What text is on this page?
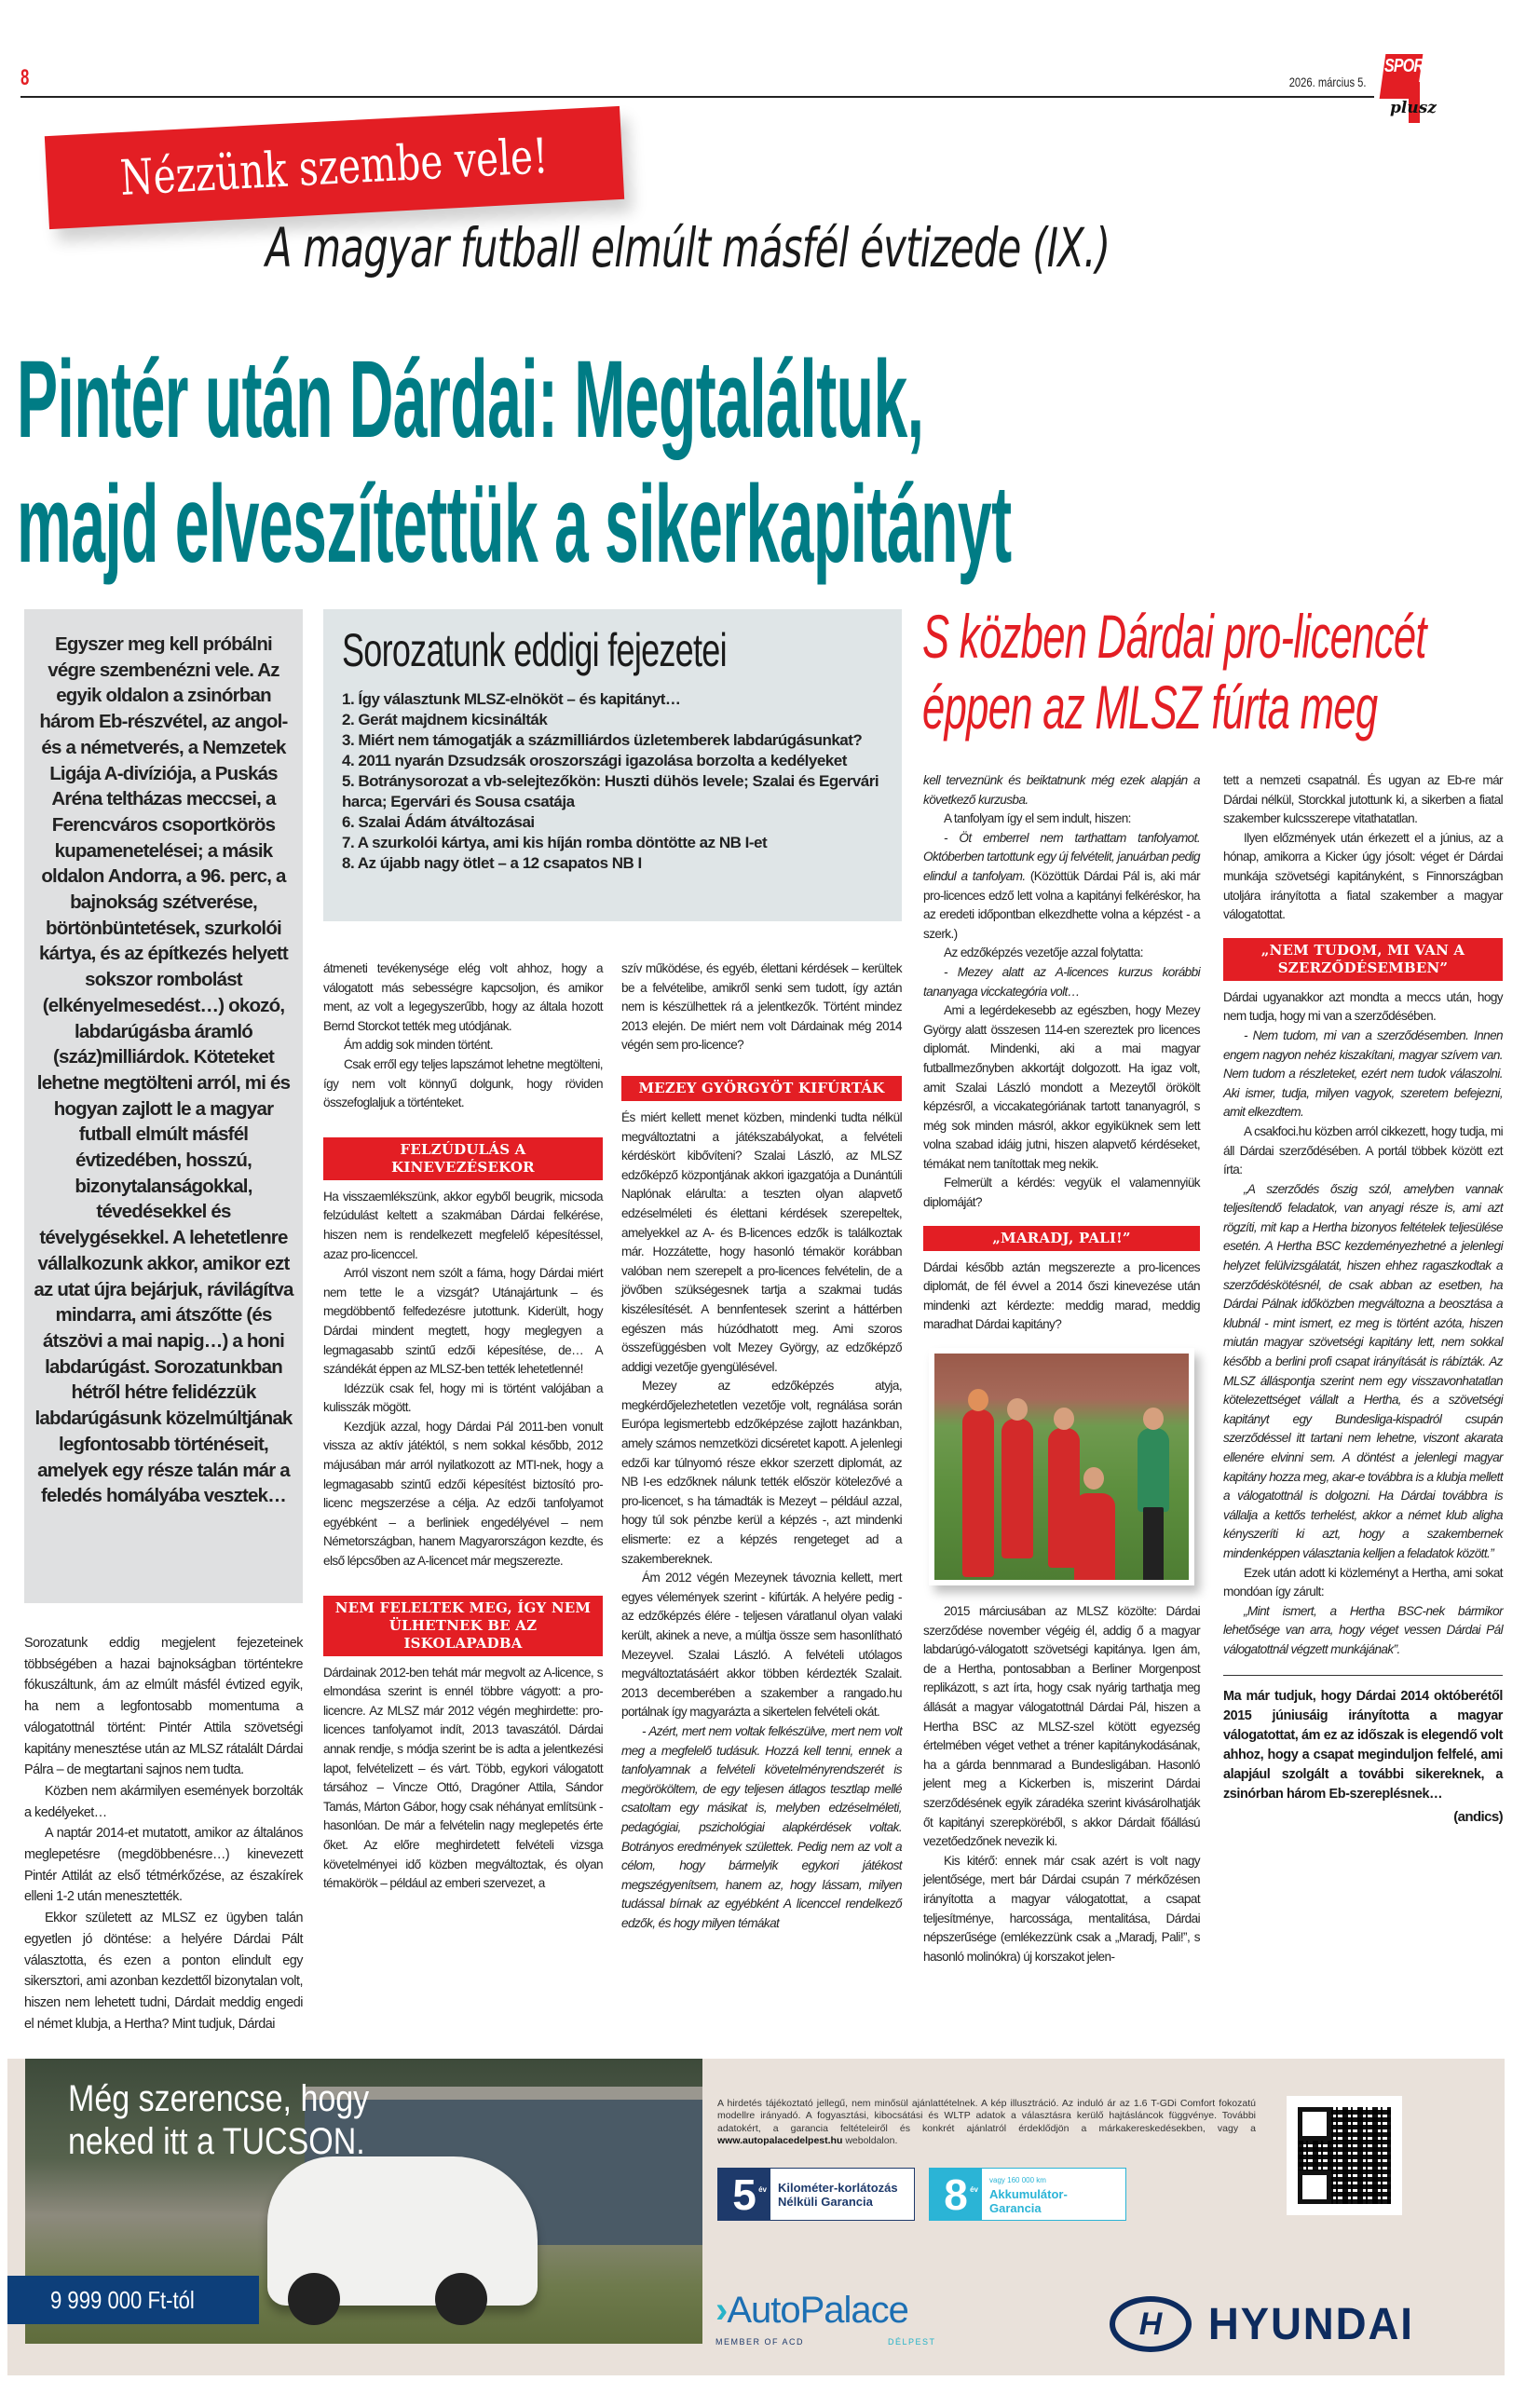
8	2026. március 5.
SPORT
plusz
Nézzünk szembe vele!
A magyar futball elmúlt másfél évtizede (IX.)
Pintér után Dárdai: Megtaláltuk,
majd elveszítettük a sikerkapitányt

Egyszer meg kell próbálni végre szembenézni vele. Az egyik oldalon a zsinórban három Eb-részvétel, az angol- és a németverés, a Nemzetek Ligája A-divíziója, a Puskás Aréna teltházas meccsei, a Ferencváros csoportkörös kupamenetelései; a másik oldalon Andorra, a 96. perc, a bajnokság szétverése, börtönbüntetések, szurkolói kártya, és az építkezés helyett sokszor rombolást (elkényelmesedést…) okozó, labdarúgásba áramló (száz)milliárdok. Köteteket lehetne megtölteni arról, mi és hogyan zajlott le a magyar futball elmúlt másfél évtizedében, hosszú, bizonytalanságokkal, tévedésekkel és tévelygésekkel. A lehetetlenre vállalkozunk akkor, amikor ezt az utat újra bejárjuk, rávilágítva mindarra, ami átszőtte (és átszövi a mai napig…) a honi labdarúgást. Sorozatunkban hétről hétre felidézzük labdarúgásunk közelmúltjának legfontosabb történéseit, amelyek egy része talán már a feledés homályába vesztek…

Sorozatunk eddig megjelent fejezeteinek többségében a hazai bajnokságban történtekre fókuszáltunk, ám az elmúlt másfél évtized egyik, ha nem a legfontosabb momentuma a válogatottnál történt: Pintér Attila szövetségi kapitány menesztése után az MLSZ rátalált Dárdai Pálra – de megtartani sajnos nem tudta.

Közben nem akármilyen események borzolták a kedélyeket…

A naptár 2014-et mutatott, amikor az általános meglepetésre (megdöbbenésre…) kinevezett Pintér Attilát az első tétmérkőzése, az északírek elleni 1-2 után menesztették.

Ekkor született az MLSZ ez ügyben talán egyetlen jó döntése: a helyére Dárdai Pált választotta, és ezen a ponton elindult egy sikersztori, ami azonban kezdettől bizonytalan volt, hiszen nem lehetett tudni, Dárdait meddig engedi el német klubja, a Hertha? Mint tudjuk, Dárdai

Sorozatunk eddigi fejezetei
1. Így választunk MLSZ-elnököt – és kapitányt…
2. Gerát majdnem kicsinálták
3. Miért nem támogatják a százmilliárdos üzletemberek labdarúgásunkat?
4. 2011 nyarán Dzsudzsák oroszországi igazolása borzolta a kedélyeket
5. Botránysorozat a vb-selejtezőkön: Huszti dühös levele; Szalai és Egervári harca; Egervári és Sousa csatája
6. Szalai Ádám átváltozásai
7. A szurkolói kártya, ami kis híján romba döntötte az NB I-et
8. Az újabb nagy ötlet – a 12 csapatos NB I

átmeneti tevékenysége elég volt ahhoz, hogy a válogatott más sebességre kapcsoljon, és amikor ment, az volt a legegyszerűbb, hogy az általa hozott Bernd Storckot tették meg utódjának.

Ám addig sok minden történt.

Csak erről egy teljes lapszámot lehetne megtölteni, így nem volt könnyű dolgunk, hogy röviden összefoglaljuk a történteket.

FELZÚDULÁS A KINEVEZÉSEKOR

Ha visszaemlékszünk, akkor egyből beugrik, micsoda felzúdulást keltett a szakmában Dárdai felkérése, hiszen nem is rendelkezett megfelelő képesítéssel, azaz pro-licenccel.

Arról viszont nem szólt a fáma, hogy Dárdai miért nem tette le a vizsgát? Utánajártunk – és megdöbbentő felfedezésre jutottunk. Kiderült, hogy Dárdai mindent megtett, hogy meglegyen a legmagasabb szintű edzői képesítése, de… A szándékát éppen az MLSZ-ben tették lehetetlenné!

Idézzük csak fel, hogy mi is történt valójában a kulisszák mögött.

Kezdjük azzal, hogy Dárdai Pál 2011-ben vonult vissza az aktív játéktól, s nem sokkal később, 2012 májusában már arról nyilatkozott az MTI-nek, hogy a legmagasabb szintű edzői képesítést biztosító pro-licenc megszerzése a célja. Az edzői tanfolyamot egyébként – a berliniek engedélyével – nem Németországban, hanem Magyarországon kezdte, és első lépcsőben az A-licencet már megszerezte.

NEM FELELTEK MEG, ÍGY NEM ÜLHETNEK BE AZ ISKOLAPADBA

Dárdainak 2012-ben tehát már megvolt az A-licence, s elmondása szerint is ennél többre vágyott: a pro-licencre. Az MLSZ már 2012 végén meghirdette: pro-licences tanfolyamot indít, 2013 tavaszától. Dárdai annak rendje, s módja szerint be is adta a jelentkezési lapot, felvételizett – és várt. Több, egykori válogatott társához – Vincze Ottó, Dragóner Attila, Sándor Tamás, Márton Gábor, hogy csak néhányat említsünk - hasonlóan. De már a felvételin nagy meglepetés érte őket. Az előre meghirdetett felvételi vizsga követelményei idő közben megváltoztak, és olyan témakörök – például az emberi szervezet, a

szív működése, és egyéb, élettani kérdések – kerültek be a felvételibe, amikről senki sem tudott, így aztán nem is készülhettek rá a jelentkezők. Történt mindez 2013 elején. De miért nem volt Dárdainak még 2014 végén sem pro-licence?

MEZEY GYÖRGYÖT KIFÚRTÁK

És miért kellett menet közben, mindenki tudta nélkül megváltoztatni a játékszabályokat, a felvételi kérdéskört kibővíteni? Szalai László, az MLSZ edzőképző központjának akkori igazgatója a Dunántúli Naplónak elárulta: a teszten olyan alapvető edzéselméleti és élettani kérdések szerepeltek, amelyekkel az A- és B-licences edzők is találkoztak már. Hozzátette, hogy hasonló témakör korábban valóban nem szerepelt a pro-licences felvételin, de a jövőben szükségesnek tartja a szakmai tudás kiszélesítését. A bennfentesek szerint a háttérben egészen más húzódhatott meg. Ami szoros összefüggésben volt Mezey György, az edzőképző addigi vezetője gyengülésével.

Mezey az edzőképzés atyja, megkérdőjelezhetetlen vezetője volt, regnálása során Európa legismertebb edzőképzése zajlott hazánkban, amely számos nemzetközi dicséretet kapott. A jelenlegi edzői kar túlnyomó része ekkor szerzett diplomát, az NB I-es edzőknek nálunk tették először kötelezővé a pro-licencet, s ha támadták is Mezeyt – például azzal, hogy túl sok pénzbe kerül a képzés -, azt mindenki elismerte: ez a képzés rengeteget ad a szakembereknek.

Ám 2012 végén Mezeynek távoznia kellett, mert egyes vélemények szerint - kifúrták. A helyére pedig - az edzőképzés élére - teljesen váratlanul olyan valaki került, akinek a neve, a múltja össze sem hasonlítható Mezeyvel. Szalai László. A felvételi utólagos megváltoztatásáért akkor többen kérdezték Szalait. 2013 decemberében a szakember a rangado.hu portálnak így magyarázta a sikertelen felvételi okát.

- Azért, mert nem voltak felkészülve, mert nem volt meg a megfelelő tudásuk. Hozzá kell tenni, ennek a tanfolyamnak a felvételi követelményrendszerét is megörököltem, de egy teljesen átlagos tesztlap mellé csatoltam egy másikat is, melyben edzéselméleti, pedagógiai, pszichológiai alapkérdések voltak. Botrányos eredmények születtek. Pedig nem az volt a célom, hogy bármelyik egykori játékost megszégyenítsem, hanem az, hogy lássam, milyen tudással bírnak az egyébként A licenccel rendelkező edzők, és hogy milyen témákat

S közben Dárdai pro-licencét
éppen az MLSZ fúrta meg

kell terveznünk és beiktatnunk még ezek alapján a következő kurzusba.

A tanfolyam így el sem indult, hiszen:

- Öt emberrel nem tarthattam tanfolyamot. Októberben tartottunk egy új felvételit, januárban pedig elindul a tanfolyam. (Közöttük Dárdai Pál is, aki már pro-licences edző lett volna a kapitányi felkéréskor, ha az eredeti időpontban elkezdhette volna a képzést - a szerk.)

Az edzőképzés vezetője azzal folytatta:

- Mezey alatt az A-licences kurzus korábbi tananyaga vicckategória volt…

Ami a legérdekesebb az egészben, hogy Mezey György alatt összesen 114-en szereztek pro licences diplomát. Mindenki, aki a mai magyar futballmezőnyben akkortájt dolgozott. Ha igaz volt, amit Szalai László mondott a Mezeytől örökölt képzésről, a viccakategóriának tartott tananyagról, s még sok minden másról, akkor egyiküknek sem lett volna szabad idáig jutni, hiszen alapvető kérdéseket, témákat nem tanítottak meg nekik.

Felmerült a kérdés: vegyük el valamennyiük diplomáját?

„MARADJ, PALI!”

Dárdai később aztán megszerezte a pro-licences diplomát, de fél évvel a 2014 őszi kinevezése után mindenki azt kérdezte: meddig marad, meddig maradhat Dárdai kapitány?

2015 márciusában az MLSZ közölte: Dárdai szerződése november végéig él, addig ő a magyar labdarúgó-válogatott szövetségi kapitánya. Igen ám, de a Hertha, pontosabban a Berliner Morgenpost replikázott, s azt írta, hogy csak nyárig tarthatja meg állását a magyar válogatottnál Dárdai Pál, hiszen a Hertha BSC az MLSZ-szel kötött egyezség értelmében véget vethet a tréner kapitánykodásának, ha a gárda bennmarad a Bundesligában. Hasonló jelent meg a Kickerben is, miszerint Dárdai szerződésének egyik záradéka szerint kivásárolhatják őt kapitányi szerepköréből, s akkor Dárdait főállású vezetőedzőnek nevezik ki.

Kis kitérő: ennek már csak azért is volt nagy jelentősége, mert bár Dárdai csupán 7 mérkőzésen irányította a magyar válogatottat, a csapat teljesítménye, harcossága, mentalitása, Dárdai népszerűsége (emlékezzünk csak a „Maradj, Pali!”, s hasonló molinókra) új korszakot jelen-

tett a nemzeti csapatnál. És ugyan az Eb-re már Dárdai nélkül, Storckkal jutottunk ki, a sikerben a fiatal szakember kulcsszerepe vitathatatlan.

Ilyen előzmények után érkezett el a június, az a hónap, amikorra a Kicker úgy jósolt: véget ér Dárdai munkája szövetségi kapitányként, s Finnországban utoljára irányította a fiatal szakember a magyar válogatottat.

„NEM TUDOM, MI VAN A SZERZŐDÉSEMBEN”

Dárdai ugyanakkor azt mondta a meccs után, hogy nem tudja, hogy mi van a szerződésében.

- Nem tudom, mi van a szerződésemben. Innen engem nagyon nehéz kiszakítani, magyar szívem van. Nem tudom a részleteket, ezért nem tudok válaszolni. Aki ismer, tudja, milyen vagyok, szeretem befejezni, amit elkezdtem.

A csakfoci.hu közben arról cikkezett, hogy tudja, mi áll Dárdai szerződésében. A portál többek között ezt írta:

„A szerződés őszig szól, amelyben vannak teljesítendő feladatok, van anyagi része is, ami azt rögzíti, mit kap a Hertha bizonyos feltételek teljesülése esetén. A Hertha BSC kezdeményezhetné a jelenlegi helyzet felülvizsgálatát, hiszen ehhez ragaszkodtak a szerződéskötésnél, de csak abban az esetben, ha Dárdai Pálnak időközben megváltozna a beosztása a klubnál - mint ismert, ez meg is történt azóta, hiszen miután magyar szövetségi kapitány lett, nem sokkal később a berlini profi csapat irányítását is rábízták. Az MLSZ álláspontja szerint nem egy visszavonhatatlan kötelezettséget vállalt a Hertha, és a szövetségi kapitányt egy Bundesliga-kispadról csupán szerződéssel itt tartani nem lehetne, viszont akarata ellenére elvinni sem. A döntést a jelenlegi magyar kapitány hozza meg, akar-e továbbra is a klubja mellett a válogatottnál is dolgozni. Ha Dárdai továbbra is vállalja a kettős terhelést, akkor a német klub aligha kényszeríti ki azt, hogy a szakembernek mindenképpen választania kelljen a feladatok között.”

Ezek után adott ki közleményt a Hertha, ami sokat mondóan így zárult:

„Mint ismert, a Hertha BSC-nek bármikor lehetősége van arra, hogy véget vessen Dárdai Pál válogatottnál végzett munkájának”.

Ma már tudjuk, hogy Dárdai 2014 októberétől 2015 júniusáig irányította a magyar válogatottat, ám ez az időszak is elegendő volt ahhoz, hogy a csapat meginduljon felfelé, ami alapjául szolgált a további sikereknek, a zsinórban három Eb-szereplésnek…

(andics)

Még szerencse, hogy
neked itt a TUCSON.
9 999 000 Ft-tól
A hirdetés tájékoztató jellegű, nem minősül ajánlattételnek. A kép illusztráció. Az induló ár az 1.6 T-GDi Comfort fokozatú modellre irányadó. A fogyasztási, kibocsátási és WLTP adatok a választásra kerülő hajtásláncok függvénye. További adatokért, a garancia feltételeiről és konkrét ajánlatról érdeklődjön a márkakereskedésekben, vagy a www.autopalacedelpest.hu weboldalon.
5 év Kilométer-korlátozás
Nélküli Garancia	8 év
vagy 160 000 km
Akkumulátor-
Garancia
›AutoPalace
MEMBER OF ACD	DÉLPEST
H	HYUNDAI
